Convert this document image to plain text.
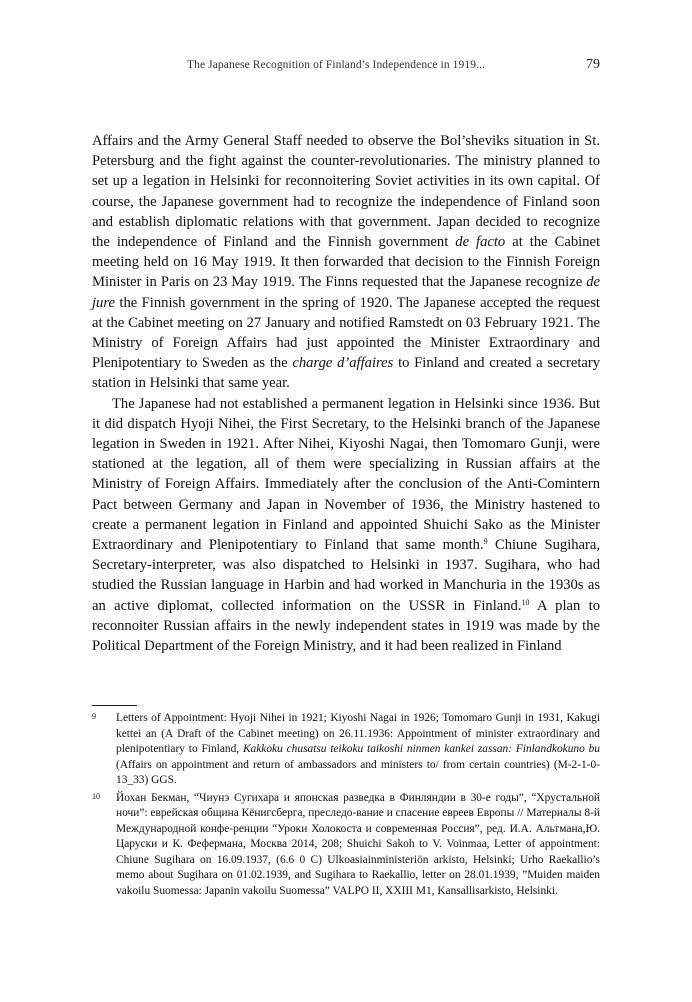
The Japanese Recognition of Finland’s Independence in 1919...	79

Affairs and the Army General Staff needed to observe the Bol’sheviks situation in St. Petersburg and the fight against the counter-revolutionaries. The ministry planned to set up a legation in Helsinki for reconnoitering Soviet activities in its own capital. Of course, the Japanese government had to recognize the independence of Finland soon and establish diplomatic relations with that government. Japan decided to recognize the independence of Finland and the Finnish government de facto at the Cabinet meeting held on 16 May 1919. It then forwarded that decision to the Finnish Foreign Minister in Paris on 23 May 1919. The Finns requested that the Japanese recognize de jure the Finnish government in the spring of 1920. The Japanese accepted the request at the Cabinet meeting on 27 January and notified Ramstedt on 03 February 1921. The Ministry of Foreign Affairs had just appointed the Minister Extraordinary and Plenipotentiary to Sweden as the charge d’affaires to Finland and created a secretary station in Helsinki that same year.

The Japanese had not established a permanent legation in Helsinki since 1936. But it did dispatch Hyoji Nihei, the First Secretary, to the Helsinki branch of the Japanese legation in Sweden in 1921. After Nihei, Kiyoshi Nagai, then Tomomaro Gunji, were stationed at the legation, all of them were specializing in Russian affairs at the Ministry of Foreign Affairs. Immediately after the conclusion of the Anti-Comintern Pact between Germany and Japan in November of 1936, the Ministry hastened to create a permanent legation in Finland and appointed Shuichi Sako as the Minister Extraordinary and Plenipotentiary to Finland that same month.$^9$ Chiune Sugihara, Secretary-interpreter, was also dispatched to Helsinki in 1937. Sugihara, who had studied the Russian language in Harbin and had worked in Manchuria in the 1930s as an active diplomat, collected information on the USSR in Finland.$^{10}$ A plan to reconnoiter Russian affairs in the newly independent states in 1919 was made by the Political Department of the Foreign Ministry, and it had been realized in Finland

9	Letters of Appointment: Hyoji Nihei in 1921; Kiyoshi Nagai in 1926; Tomomaro Gunji in 1931, Kakugi kettei an (A Draft of the Cabinet meeting) on 26.11.1936: Appointment of minister extraordinary and plenipotentiary to Finland, Kakkoku chusatsu teikoku taikoshi ninmen kankei zassan: Finlandkokuno bu (Affairs on appointment and return of ambassadors and ministers to/ from certain countries) (M-2-1-0-13_33) GGS.
10	Йохан Бекман, “Чиунэ Сугихара и японская разведка в Финляндии в 30-е годы”, “Хрустальной ночи”: еврейская община Кёнигсберга, преследо-вание и спасение евреев Европы // Материалы 8-й Международной конфе-ренции “Уроки Холокоста и современная Россия”, ред. И.А. Альтмана,Ю. Царуски и К. Фефермана, Москва 2014, 208; Shuichi Sakoh to V. Voinmaa, Letter of appointment: Chiune Sugihara on 16.09.1937, (6.6 0 C) Ulkoasiainministeriön arkisto, Helsinki; Urho Raekallio’s memo about Sugihara on 01.02.1939, and Sugihara to Raekallio, letter on 28.01.1939, ”Muiden maiden vakoilu Suomessa: Japanin vakoilu Suomessa” VALPO II, XXIII M1, Kansallisarkisto, Helsinki.
